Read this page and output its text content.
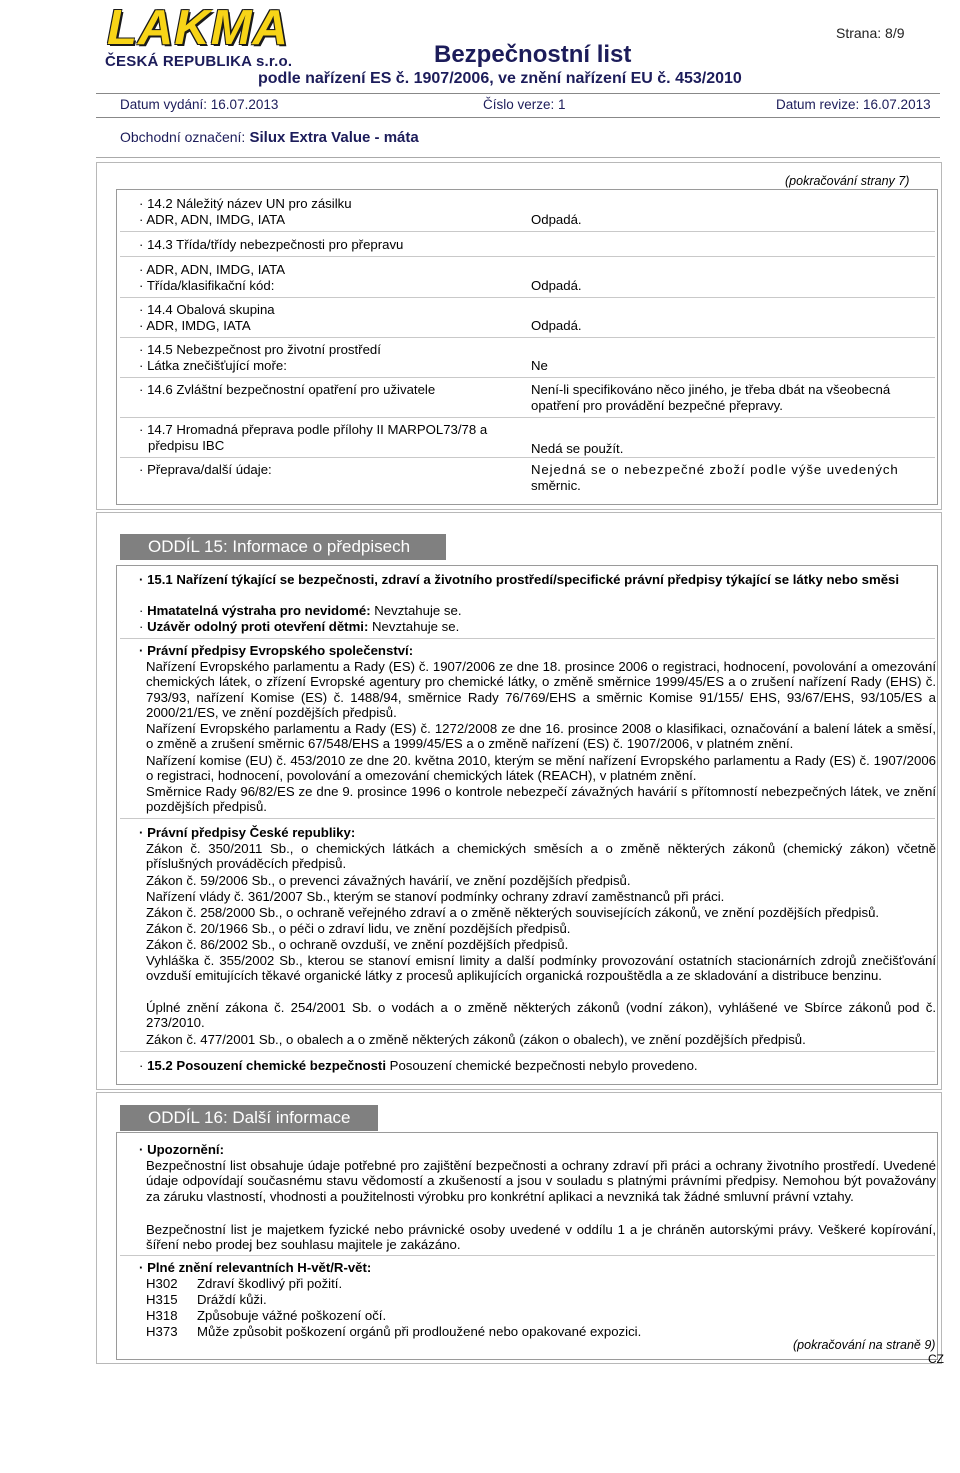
LAKMA
ČESKÁ REPUBLIKA s.r.o.
Strana: 8/9
Bezpečnostní list
podle nařízení ES č. 1907/2006, ve znění nařízení EU č. 453/2010
Datum vydání: 16.07.2013	Číslo verze: 1	Datum revize: 16.07.2013
Obchodní označení: Silux Extra Value - máta
(pokračování strany 7)
· 14.2 Náležitý název UN pro zásilku
· ADR, ADN, IMDG, IATA	Odpadá.
· 14.3 Třída/třídy nebezpečnosti pro přepravu
· ADR, ADN, IMDG, IATA
· Třída/klasifikační kód:	Odpadá.
· 14.4 Obalová skupina
· ADR, IMDG, IATA	Odpadá.
· 14.5 Nebezpečnost pro životní prostředí
· Látka znečišťující moře:	Ne
· 14.6 Zvláštní bezpečnostní opatření pro uživatele	Není-li specifikováno něco jiného, je třeba dbát na všeobecná
opatření pro provádění bezpečné přepravy.
· 14.7 Hromadná přeprava podle přílohy II MARPOL73/78 a
předpisu IBC	Nedá se použít.
· Přeprava/další údaje:	Nejedná se o nebezpečné zboží podle výše uvedených
směrnic.
ODDÍL 15: Informace o předpisech
· 15.1 Nařízení týkající se bezpečnosti, zdraví a životního prostředí/specifické právní předpisy týkající se látky nebo směsi
· Hmatatelná výstraha pro nevidomé: Nevztahuje se.
· Uzávěr odolný proti otevření dětmi: Nevztahuje se.
· Právní předpisy Evropského společenství:
Nařízení Evropského parlamentu a Rady (ES) č. 1907/2006 ze dne 18. prosince 2006 o registraci, hodnocení, povolování a omezování chemických látek, o zřízení Evropské agentury pro chemické látky, o změně směrnice 1999/45/ES a o zrušení nařízení Rady (EHS) č. 793/93, nařízení Komise (ES) č. 1488/94, směrnice Rady 76/769/EHS a směrnic Komise 91/155/ EHS, 93/67/EHS, 93/105/ES a 2000/21/ES, ve znění pozdějších předpisů.
Nařízení Evropského parlamentu a Rady (ES) č. 1272/2008 ze dne 16. prosince 2008 o klasifikaci, označování a balení látek a směsí, o změně a zrušení směrnic 67/548/EHS a 1999/45/ES a o změně nařízení (ES) č. 1907/2006, v platném znění.
Nařízení komise (EU) č. 453/2010 ze dne 20. května 2010, kterým se mění nařízení Evropského parlamentu a Rady (ES) č. 1907/2006 o registraci, hodnocení, povolování a omezování chemických látek (REACH), v platném znění.
Směrnice Rady 96/82/ES ze dne 9. prosince 1996 o kontrole nebezpečí závažných havárií s přítomností nebezpečných látek, ve znění pozdějších předpisů.
· Právní předpisy České republiky:
Zákon č. 350/2011 Sb., o chemických látkách a chemických směsích a o změně některých zákonů (chemický zákon) včetně příslušných prováděcích předpisů.
Zákon č. 59/2006 Sb., o prevenci závažných havárií, ve znění pozdějších předpisů.
Nařízení vlády č. 361/2007 Sb., kterým se stanoví podmínky ochrany zdraví zaměstnanců při práci.
Zákon č. 258/2000 Sb., o ochraně veřejného zdraví a o změně některých souvisejících zákonů, ve znění pozdějších předpisů.
Zákon č. 20/1966 Sb., o péči o zdraví lidu, ve znění pozdějších předpisů.
Zákon č. 86/2002 Sb., o ochraně ovzduší, ve znění pozdějších předpisů.
Vyhláška č. 355/2002 Sb., kterou se stanoví emisní limity a další podmínky provozování ostatních stacionárních zdrojů znečišťování ovzduší emitujících těkavé organické látky z procesů aplikujících organická rozpouštědla a ze skladování a distribuce benzinu.
Úplné znění zákona č. 254/2001 Sb. o vodách a o změně některých zákonů (vodní zákon), vyhlášené ve Sbírce zákonů pod č. 273/2010.
Zákon č. 477/2001 Sb., o obalech a o změně některých zákonů (zákon o obalech), ve znění pozdějších předpisů.
· 15.2 Posouzení chemické bezpečnosti Posouzení chemické bezpečnosti nebylo provedeno.
ODDÍL 16: Další informace
· Upozornění:
Bezpečnostní list obsahuje údaje potřebné pro zajištění bezpečnosti a ochrany zdraví při práci a ochrany životního prostředí. Uvedené údaje odpovídají současnému stavu vědomostí a zkušeností a jsou v souladu s platnými právními předpisy. Nemohou být považovány za záruku vlastností, vhodnosti a použitelnosti výrobku pro konkrétní aplikaci a nevzniká tak žádné smluvní právní vztahy.
Bezpečnostní list je majetkem fyzické nebo právnické osoby uvedené v oddílu 1 a je chráněn autorskými právy. Veškeré kopírování, šíření nebo prodej bez souhlasu majitele je zakázáno.
· Plné znění relevantních H-vět/R-vět:
H302 Zdraví škodlivý při požití.
H315 Dráždí kůži.
H318 Způsobuje vážné poškození očí.
H373 Může způsobit poškození orgánů při prodloužené nebo opakované expozici.
(pokračování na straně 9)
CZ
